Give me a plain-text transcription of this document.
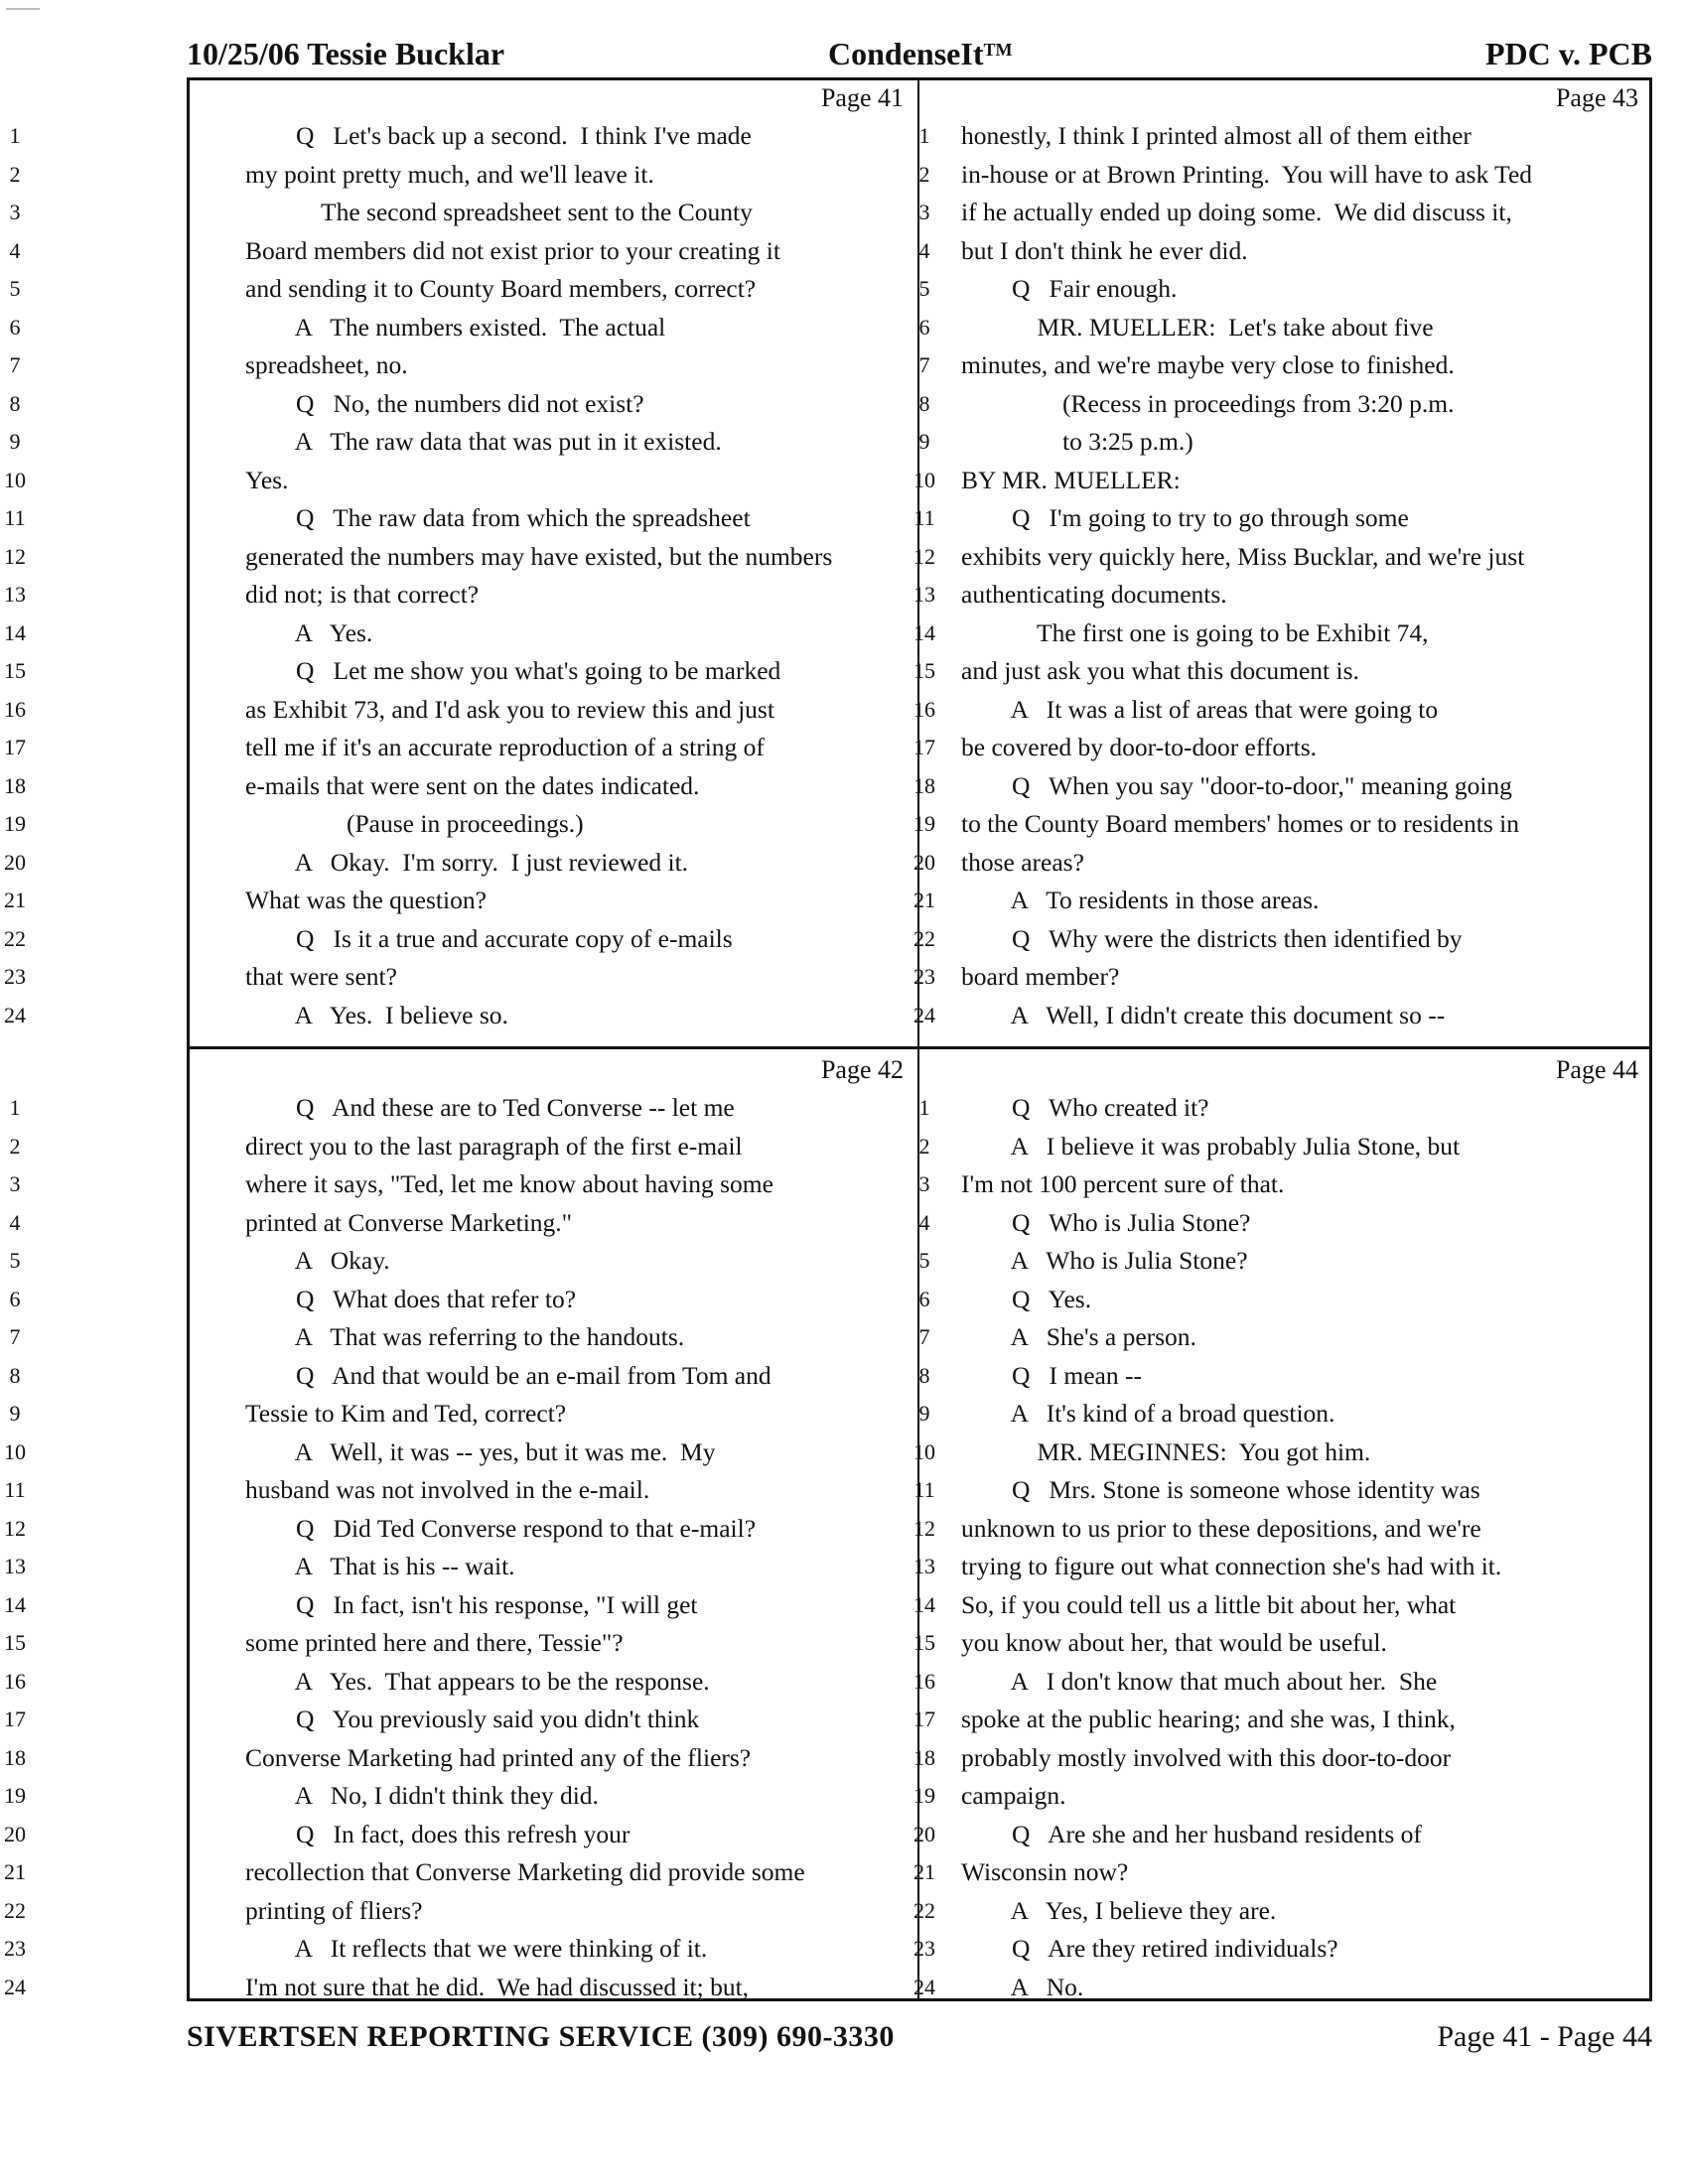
10/25/06 Tessie Bucklar	CondenseIt™	PDC v. PCB
Page 41
1	Q   Let's back up a second.  I think I've made
2	my point pretty much, and we'll leave it.
3	The second spreadsheet sent to the County
4	Board members did not exist prior to your creating it
5	and sending it to County Board members, correct?
6	A   The numbers existed.  The actual
7	spreadsheet, no.
8	Q   No, the numbers did not exist?
9	A   The raw data that was put in it existed.
10	Yes.
11	Q   The raw data from which the spreadsheet
12	generated the numbers may have existed, but the numbers
13	did not; is that correct?
14	A   Yes.
15	Q   Let me show you what's going to be marked
16	as Exhibit 73, and I'd ask you to review this and just
17	tell me if it's an accurate reproduction of a string of
18	e-mails that were sent on the dates indicated.
19	(Pause in proceedings.)
20	A   Okay.  I'm sorry.  I just reviewed it.
21	What was the question?
22	Q   Is it a true and accurate copy of e-mails
23	that were sent?
24	A   Yes.  I believe so.
Page 43
1	honestly, I think I printed almost all of them either
2	in-house or at Brown Printing.  You will have to ask Ted
3	if he actually ended up doing some.  We did discuss it,
4	but I don't think he ever did.
5	Q   Fair enough.
6	MR. MUELLER:  Let's take about five
7	minutes, and we're maybe very close to finished.
8	(Recess in proceedings from 3:20 p.m.
9	to 3:25 p.m.)
10 BY MR. MUELLER:
11 Q   I'm going to try to go through some
12 exhibits very quickly here, Miss Bucklar, and we're just
13 authenticating documents.
14 The first one is going to be Exhibit 74,
15 and just ask you what this document is.
16 A   It was a list of areas that were going to
17 be covered by door-to-door efforts.
18 Q   When you say "door-to-door," meaning going
19 to the County Board members' homes or to residents in
20 those areas?
21 A   To residents in those areas.
22 Q   Why were the districts then identified by
23 board member?
24 A   Well, I didn't create this document so --
Page 42
1	Q   And these are to Ted Converse -- let me
2	direct you to the last paragraph of the first e-mail
3	where it says, "Ted, let me know about having some
4	printed at Converse Marketing."
5	A   Okay.
6	Q   What does that refer to?
7	A   That was referring to the handouts.
8	Q   And that would be an e-mail from Tom and
9	Tessie to Kim and Ted, correct?
10	A   Well, it was -- yes, but it was me.  My
11	husband was not involved in the e-mail.
12	Q   Did Ted Converse respond to that e-mail?
13	A   That is his -- wait.
14	Q   In fact, isn't his response, "I will get
15	some printed here and there, Tessie"?
16	A   Yes.  That appears to be the response.
17	Q   You previously said you didn't think
18	Converse Marketing had printed any of the fliers?
19	A   No, I didn't think they did.
20	Q   In fact, does this refresh your
21	recollection that Converse Marketing did provide some
22	printing of fliers?
23	A   It reflects that we were thinking of it.
24	I'm not sure that he did.  We had discussed it; but,
Page 44
1	Q   Who created it?
2	A   I believe it was probably Julia Stone, but
3	I'm not 100 percent sure of that.
4	Q   Who is Julia Stone?
5	A   Who is Julia Stone?
6	Q   Yes.
7	A   She's a person.
8	Q   I mean --
9	A   It's kind of a broad question.
10 MR. MEGINNES:  You got him.
11 Q   Mrs. Stone is someone whose identity was
12 unknown to us prior to these depositions, and we're
13 trying to figure out what connection she's had with it.
14 So, if you could tell us a little bit about her, what
15 you know about her, that would be useful.
16 A   I don't know that much about her.  She
17 spoke at the public hearing; and she was, I think,
18 probably mostly involved with this door-to-door
19 campaign.
20 Q   Are she and her husband residents of
21 Wisconsin now?
22 A   Yes, I believe they are.
23 Q   Are they retired individuals?
24 A   No.
SIVERTSEN REPORTING SERVICE (309) 690-3330	Page 41 - Page 44
